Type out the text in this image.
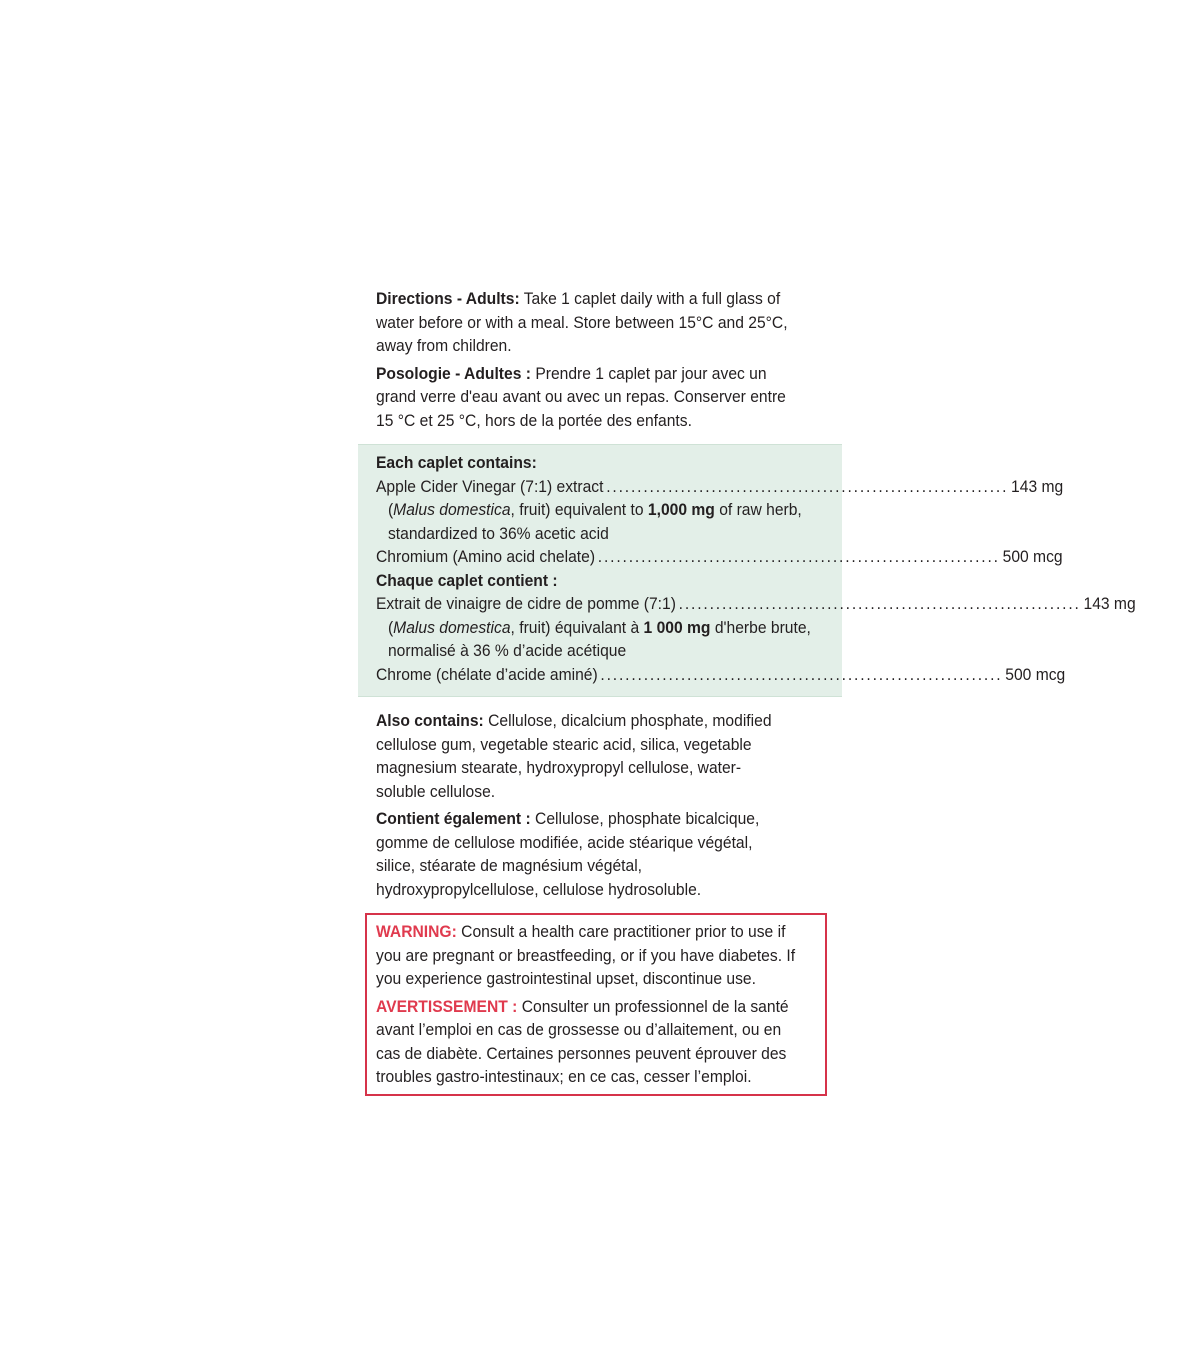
Directions - Adults: Take 1 caplet daily with a full glass of water before or with a meal. Store between 15°C and 25°C, away from children.

Posologie - Adultes : Prendre 1 caplet par jour avec un grand verre d'eau avant ou avec un repas. Conserver entre 15 °C et 25 °C, hors de la portée des enfants.

Each caplet contains:

Apple Cider Vinegar (7:1) extract ................................................................. 143 mg

(Malus domestica, fruit) equivalent to 1,000 mg of raw herb, standardized to 36% acetic acid

Chromium (Amino acid chelate) ................................................................. 500 mcg

Chaque caplet contient :

Extrait de vinaigre de cidre de pomme (7:1) ................................................................. 143 mg

(Malus domestica, fruit) équivalant à 1 000 mg d'herbe brute, normalisé à 36 % d’acide acétique

Chrome (chélate d’acide aminé) ................................................................. 500 mcg

Also contains: Cellulose, dicalcium phosphate, modified cellulose gum, vegetable stearic acid, silica, vegetable magnesium stearate, hydroxypropyl cellulose, water-soluble cellulose.

Contient également : Cellulose, phosphate bicalcique, gomme de cellulose modifiée, acide stéarique végétal, silice, stéarate de magnésium végétal, hydroxypropylcellulose, cellulose hydrosoluble.

WARNING: Consult a health care practitioner prior to use if you are pregnant or breastfeeding, or if you have diabetes. If you experience gastrointestinal upset, discontinue use.

AVERTISSEMENT : Consulter un professionnel de la santé avant l’emploi en cas de grossesse ou d’allaitement, ou en cas de diabète. Certaines personnes peuvent éprouver des troubles gastro-intestinaux; en ce cas, cesser l’emploi.
